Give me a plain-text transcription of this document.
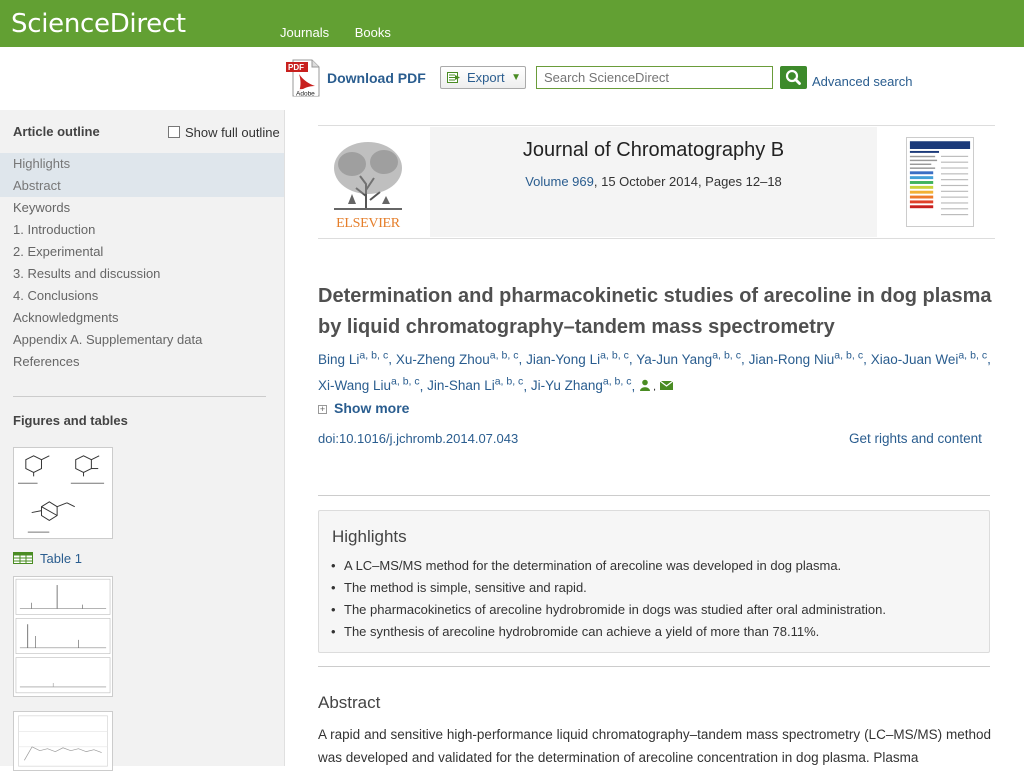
ScienceDirect	Journals Books
PDF
Adobe
Download PDF	Export ▼
Search ScienceDirect	Advanced search
Article outline	Show full outline
Highlights
Abstract
Keywords
1. Introduction
2. Experimental
3. Results and discussion
4. Conclusions
Acknowledgments
Appendix A. Supplementary data
References
Figures and tables
Table 1
ELSEVIER
Journal of Chromatography B
Volume 969, 15 October 2014, Pages 12–18
Determination and pharmacokinetic studies of arecoline in dog plasma by liquid chromatography–tandem mass spectrometry
Bing Li$^{a, b, c}$, Xu-Zheng Zhou$^{a, b, c}$, Jian-Yong Li$^{a, b, c}$, Ya-Jun Yang$^{a, b, c}$, Jian-Rong Niu$^{a, b, c}$, Xiao-Juan Wei$^{a, b, c}$, Xi-Wang Liu$^{a, b, c}$, Jin-Shan Li$^{a, b, c}$, Ji-Yu Zhang$^{a, b, c}$, ,
+ Show more
doi:10.1016/j.jchromb.2014.07.043	Get rights and content
Highlights
• A LC–MS/MS method for the determination of arecoline was developed in dog plasma.
• The method is simple, sensitive and rapid.
• The pharmacokinetics of arecoline hydrobromide in dogs was studied after oral administration.
• The synthesis of arecoline hydrobromide can achieve a yield of more than 78.11%.
Abstract
A rapid and sensitive high-performance liquid chromatography–tandem mass spectrometry (LC–MS/MS) method was developed and validated for the determination of arecoline concentration in dog plasma. Plasma
